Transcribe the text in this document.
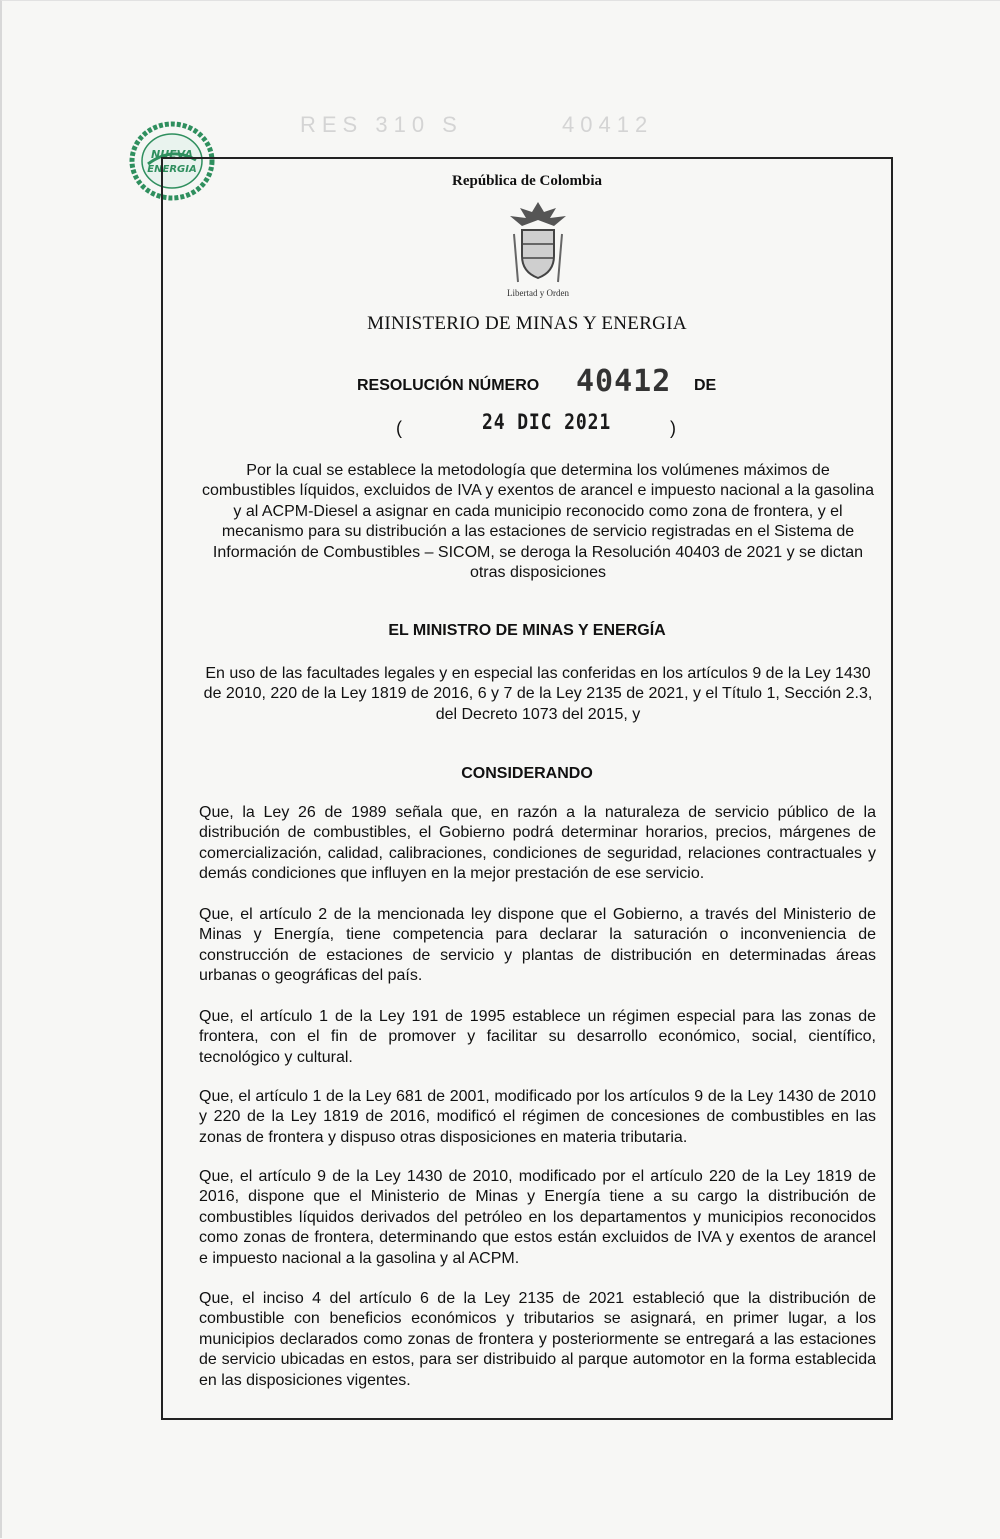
RES 310 S	40412
NUEVA
ENERGIA
República de Colombia
Libertad y Orden
MINISTERIO DE MINAS Y ENERGIA
RESOLUCIÓN NÚMERO 40412 DE
(	24 DIC 2021	)
Por la cual se establece la metodología que determina los volúmenes máximos de combustibles líquidos, excluidos de IVA y exentos de arancel e impuesto nacional a la gasolina y al ACPM-Diesel a asignar en cada municipio reconocido como zona de frontera, y el mecanismo para su distribución a las estaciones de servicio registradas en el Sistema de Información de Combustibles – SICOM, se deroga la Resolución 40403 de 2021 y se dictan otras disposiciones
EL MINISTRO DE MINAS Y ENERGÍA
En uso de las facultades legales y en especial las conferidas en los artículos 9 de la Ley 1430 de 2010, 220 de la Ley 1819 de 2016, 6 y 7 de la Ley 2135 de 2021, y el Título 1, Sección 2.3, del Decreto 1073 del 2015, y
CONSIDERANDO

Que, la Ley 26 de 1989 señala que, en razón a la naturaleza de servicio público de la distribución de combustibles, el Gobierno podrá determinar horarios, precios, márgenes de comercialización, calidad, calibraciones, condiciones de seguridad, relaciones contractuales y demás condiciones que influyen en la mejor prestación de ese servicio.

Que, el artículo 2 de la mencionada ley dispone que el Gobierno, a través del Ministerio de Minas y Energía, tiene competencia para declarar la saturación o inconveniencia de construcción de estaciones de servicio y plantas de distribución en determinadas áreas urbanas o geográficas del país.

Que, el artículo 1 de la Ley 191 de 1995 establece un régimen especial para las zonas de frontera, con el fin de promover y facilitar su desarrollo económico, social, científico, tecnológico y cultural.

Que, el artículo 1 de la Ley 681 de 2001, modificado por los artículos 9 de la Ley 1430 de 2010 y 220 de la Ley 1819 de 2016, modificó el régimen de concesiones de combustibles en las zonas de frontera y dispuso otras disposiciones en materia tributaria.

Que, el artículo 9 de la Ley 1430 de 2010, modificado por el artículo 220 de la Ley 1819 de 2016, dispone que el Ministerio de Minas y Energía tiene a su cargo la distribución de combustibles líquidos derivados del petróleo en los departamentos y municipios reconocidos como zonas de frontera, determinando que estos están excluidos de IVA y exentos de arancel e impuesto nacional a la gasolina y al ACPM.

Que, el inciso 4 del artículo 6 de la Ley 2135 de 2021 estableció que la distribución de combustible con beneficios económicos y tributarios se asignará, en primer lugar, a los municipios declarados como zonas de frontera y posteriormente se entregará a las estaciones de servicio ubicadas en estos, para ser distribuido al parque automotor en la forma establecida en las disposiciones vigentes.
